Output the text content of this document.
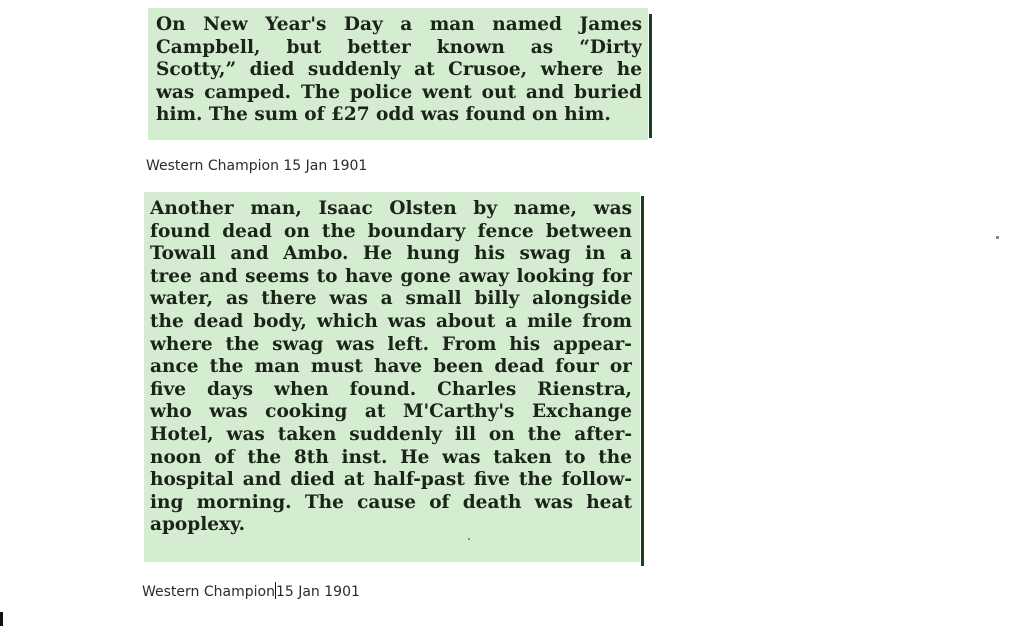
On New Year's Day a man named James
Campbell, but better known as “Dirty
Scotty,” died suddenly at Crusoe, where he
was camped. The police went out and buried
him. The sum of £27 odd was found on him.
Western Champion 15 Jan 1901
Another man, Isaac Olsten by name, was
found dead on the boundary fence between
Towall and Ambo. He hung his swag in a
tree and seems to have gone away looking for
water, as there was a small billy alongside
the dead body, which was about a mile from
where the swag was left. From his appear-
ance the man must have been dead four or
five days when found. Charles Rienstra,
who was cooking at M'Carthy's Exchange
Hotel, was taken suddenly ill on the after-
noon of the 8th inst. He was taken to the
hospital and died at half-past five the follow-
ing morning. The cause of death was heat
apoplexy.
Western Champion15 Jan 1901
